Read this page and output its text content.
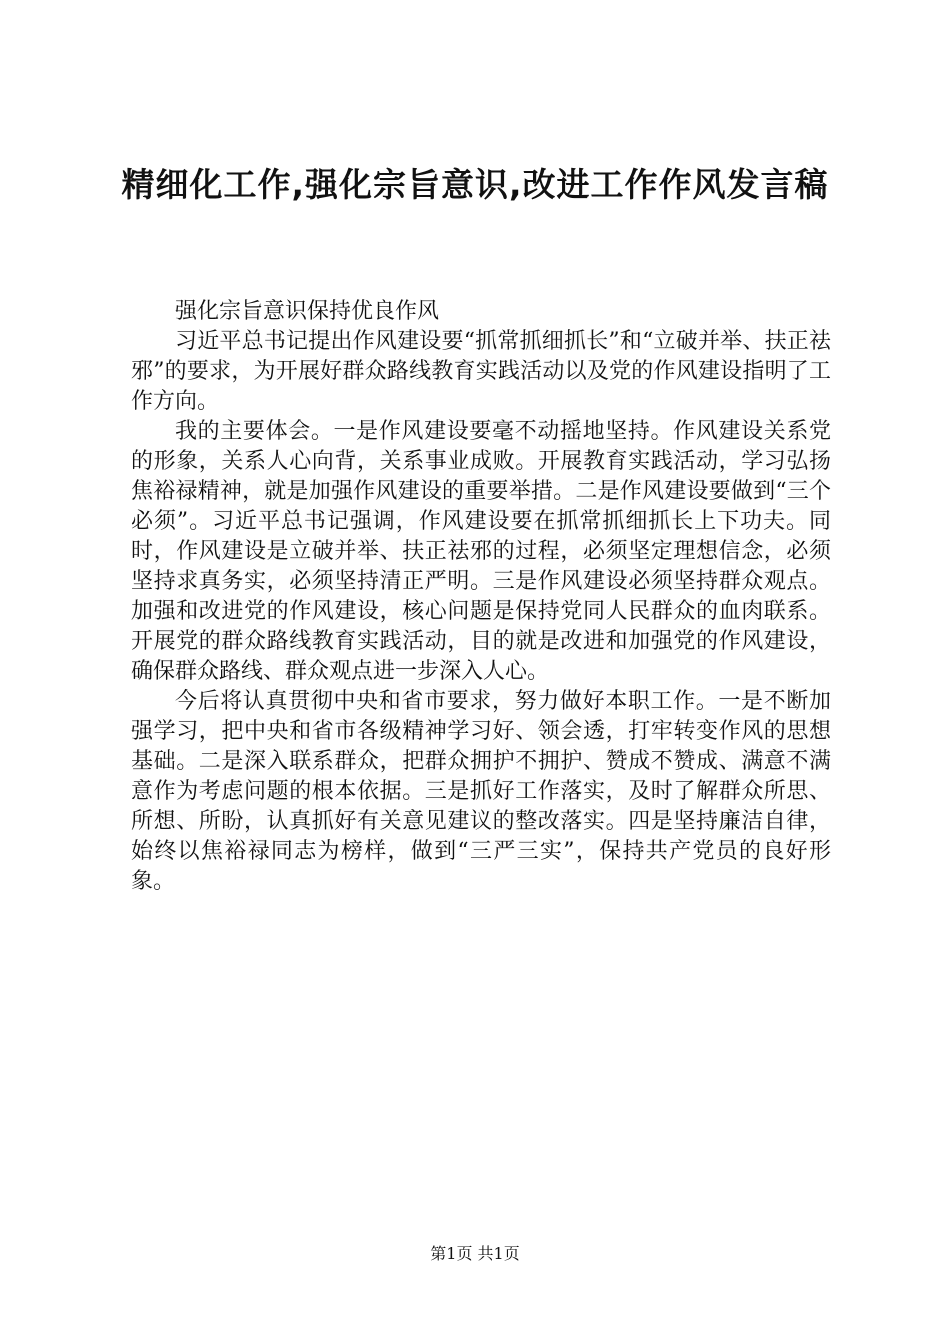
精细化工作,强化宗旨意识,改进工作作风发言稿

强化宗旨意识保持优良作风

习近平总书记提出作风建设要“抓常抓细抓长”和“立破并举、扶正祛邪”的要求，为开展好群众路线教育实践活动以及党的作风建设指明了工作方向。

我的主要体会。一是作风建设要毫不动摇地坚持。作风建设关系党的形象，关系人心向背，关系事业成败。开展教育实践活动，学习弘扬焦裕禄精神，就是加强作风建设的重要举措。二是作风建设要做到“三个必须”。习近平总书记强调，作风建设要在抓常抓细抓长上下功夫。同时，作风建设是立破并举、扶正祛邪的过程，必须坚定理想信念，必须坚持求真务实，必须坚持清正严明。三是作风建设必须坚持群众观点。加强和改进党的作风建设，核心问题是保持党同人民群众的血肉联系。开展党的群众路线教育实践活动，目的就是改进和加强党的作风建设，确保群众路线、群众观点进一步深入人心。

今后将认真贯彻中央和省市要求，努力做好本职工作。一是不断加强学习，把中央和省市各级精神学习好、领会透，打牢转变作风的思想基础。二是深入联系群众，把群众拥护不拥护、赞成不赞成、满意不满意作为考虑问题的根本依据。三是抓好工作落实，及时了解群众所思、所想、所盼，认真抓好有关意见建议的整改落实。四是坚持廉洁自律，始终以焦裕禄同志为榜样，做到“三严三实”，保持共产党员的良好形象。

第1页 共1页
